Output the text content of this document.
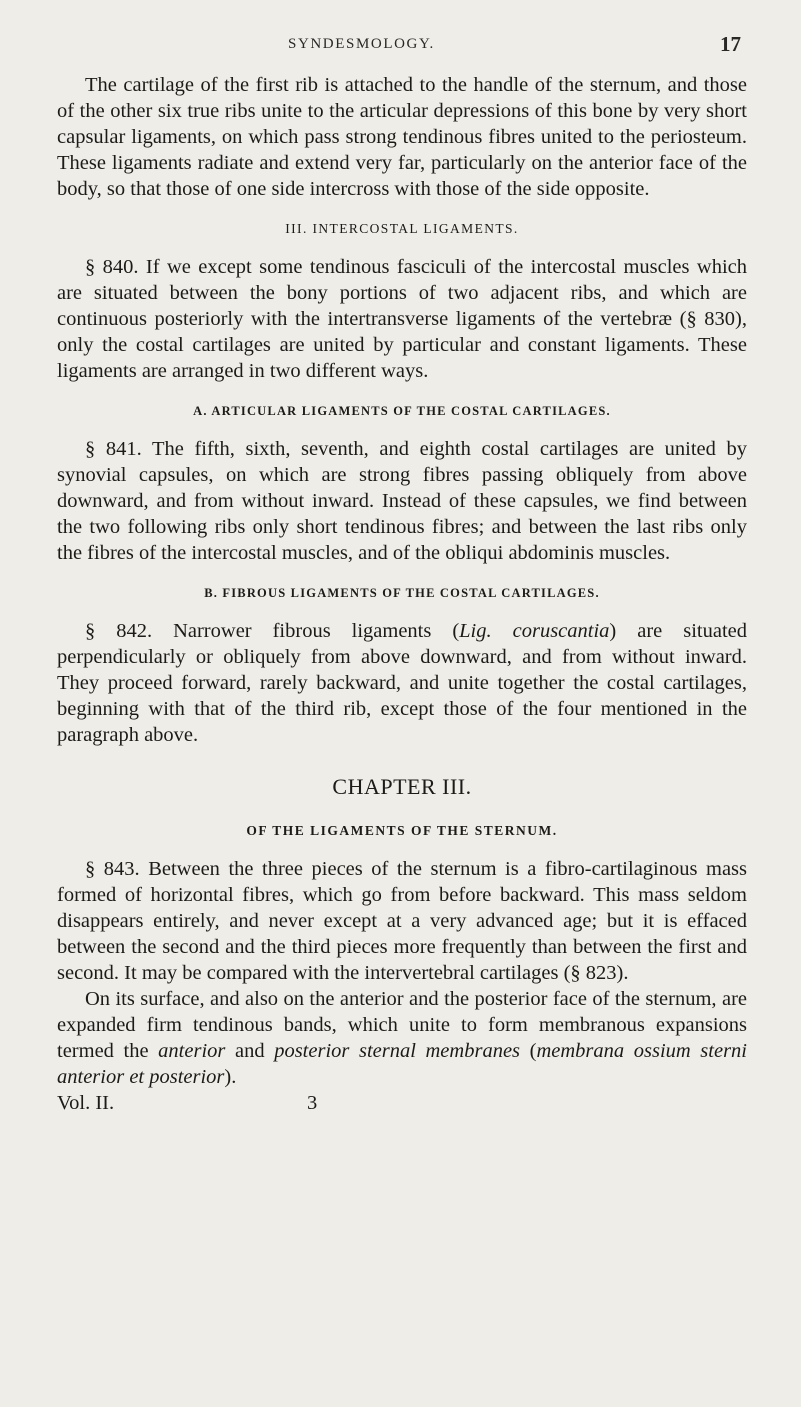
SYNDESMOLOGY.	17

The cartilage of the first rib is attached to the handle of the sternum, and those of the other six true ribs unite to the articular depressions of this bone by very short capsular ligaments, on which pass strong tendinous fibres united to the periosteum. These ligaments radiate and extend very far, particularly on the anterior face of the body, so that those of one side intercross with those of the side opposite.

III. INTERCOSTAL LIGAMENTS.

§ 840. If we except some tendinous fasciculi of the intercostal muscles which are situated between the bony portions of two adjacent ribs, and which are continuous posteriorly with the intertransverse ligaments of the vertebræ (§ 830), only the costal cartilages are united by particular and constant ligaments. These ligaments are arranged in two different ways.

A. ARTICULAR LIGAMENTS OF THE COSTAL CARTILAGES.

§ 841. The fifth, sixth, seventh, and eighth costal cartilages are united by synovial capsules, on which are strong fibres passing obliquely from above downward, and from without inward. Instead of these capsules, we find between the two following ribs only short tendinous fibres; and between the last ribs only the fibres of the intercostal muscles, and of the obliqui abdominis muscles.

B. FIBROUS LIGAMENTS OF THE COSTAL CARTILAGES.

§ 842. Narrower fibrous ligaments (Lig. coruscantia) are situated perpendicularly or obliquely from above downward, and from without inward. They proceed forward, rarely backward, and unite together the costal cartilages, beginning with that of the third rib, except those of the four mentioned in the paragraph above.

CHAPTER III.
OF THE LIGAMENTS OF THE STERNUM.

§ 843. Between the three pieces of the sternum is a fibro-cartilaginous mass formed of horizontal fibres, which go from before backward. This mass seldom disappears entirely, and never except at a very advanced age; but it is effaced between the second and the third pieces more frequently than between the first and second. It may be compared with the intervertebral cartilages (§ 823).

On its surface, and also on the anterior and the posterior face of the sternum, are expanded firm tendinous bands, which unite to form membranous expansions termed the anterior and posterior sternal membranes (membrana ossium sterni anterior et posterior).

Vol. II.	3
